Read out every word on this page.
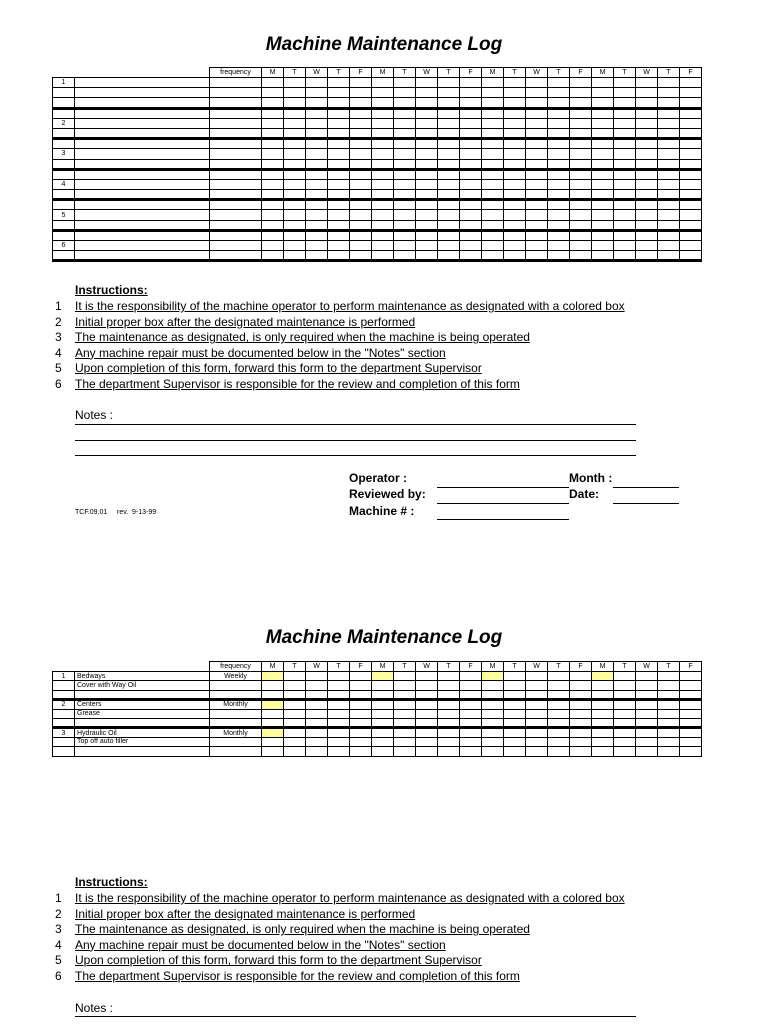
Machine Maintenance Log
		frequency	M	T	W	T	F	M	T	W	T	F	M	T	W	T	F	M	T	W	T	F
1																						

2																						

3																						

4																						

5																						

6																						

Instructions:
1 It is the responsibility of the machine operator to perform maintenance as designated with a colored box
2 Initial proper box after the designated maintenance is performed
3 The maintenance as designated, is only required when the machine is being operated
4 Any machine repair must be documented below in the "Notes" section
5 Upon completion of this form, forward this form to the department Supervisor
6 The department Supervisor is responsible for the review and completion of this form
Notes :
Operator :
Reviewed by:
Machine # :
Month :
Date:
TCF.09.01     rev.  9-13-99
Machine Maintenance Log
		frequency	M	T	W	T	F	M	T	W	T	F	M	T	W	T	F	M	T	W	T	F
1	Bedways	Weekly																				
	Cover with Way Oil																					

2	Centers	Monthly																				
	Grease																					

3	Hydraulic Oil	Monthly																				
	Top off auto filler																					

Instructions:
1 It is the responsibility of the machine operator to perform maintenance as designated with a colored box
2 Initial proper box after the designated maintenance is performed
3 The maintenance as designated, is only required when the machine is being operated
4 Any machine repair must be documented below in the "Notes" section
5 Upon completion of this form, forward this form to the department Supervisor
6 The department Supervisor is responsible for the review and completion of this form
Notes :
